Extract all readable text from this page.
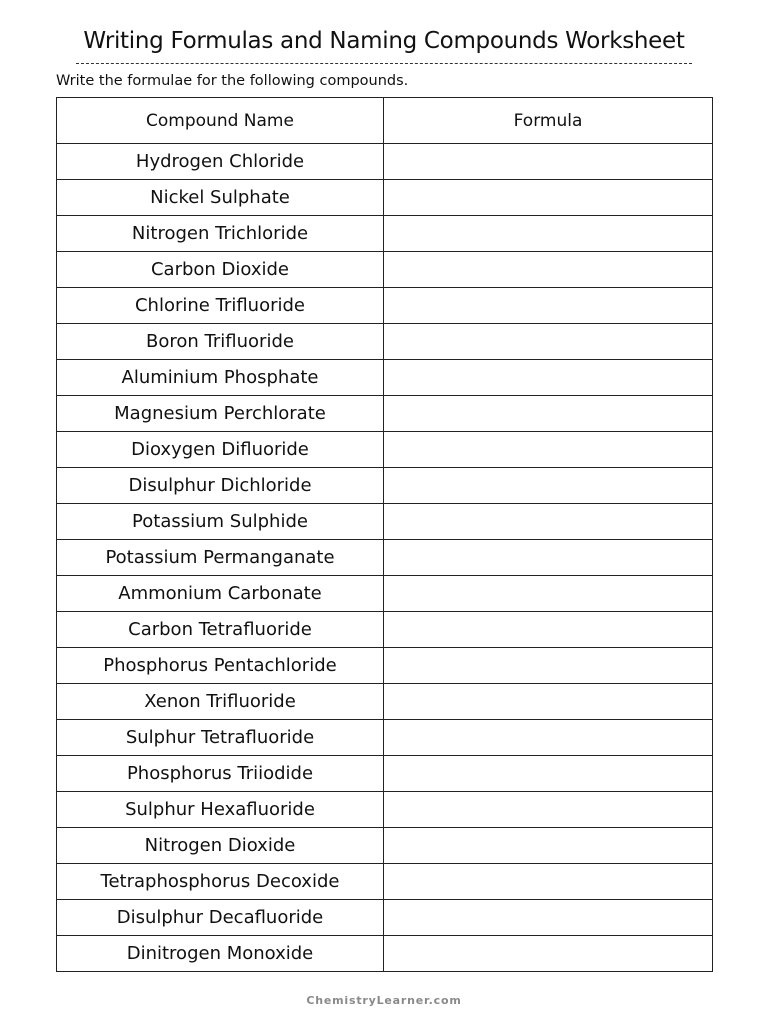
Writing Formulas and Naming Compounds Worksheet
Write the formulae for the following compounds.
Compound Name	Formula
Hydrogen Chloride	
Nickel Sulphate	
Nitrogen Trichloride	
Carbon Dioxide	
Chlorine Trifluoride	
Boron Trifluoride	
Aluminium Phosphate	
Magnesium Perchlorate	
Dioxygen Difluoride	
Disulphur Dichloride	
Potassium Sulphide	
Potassium Permanganate	
Ammonium Carbonate	
Carbon Tetrafluoride	
Phosphorus Pentachloride	
Xenon Trifluoride	
Sulphur Tetrafluoride	
Phosphorus Triiodide	
Sulphur Hexafluoride	
Nitrogen Dioxide	
Tetraphosphorus Decoxide	
Disulphur Decafluoride	
Dinitrogen Monoxide	
ChemistryLearner.com
